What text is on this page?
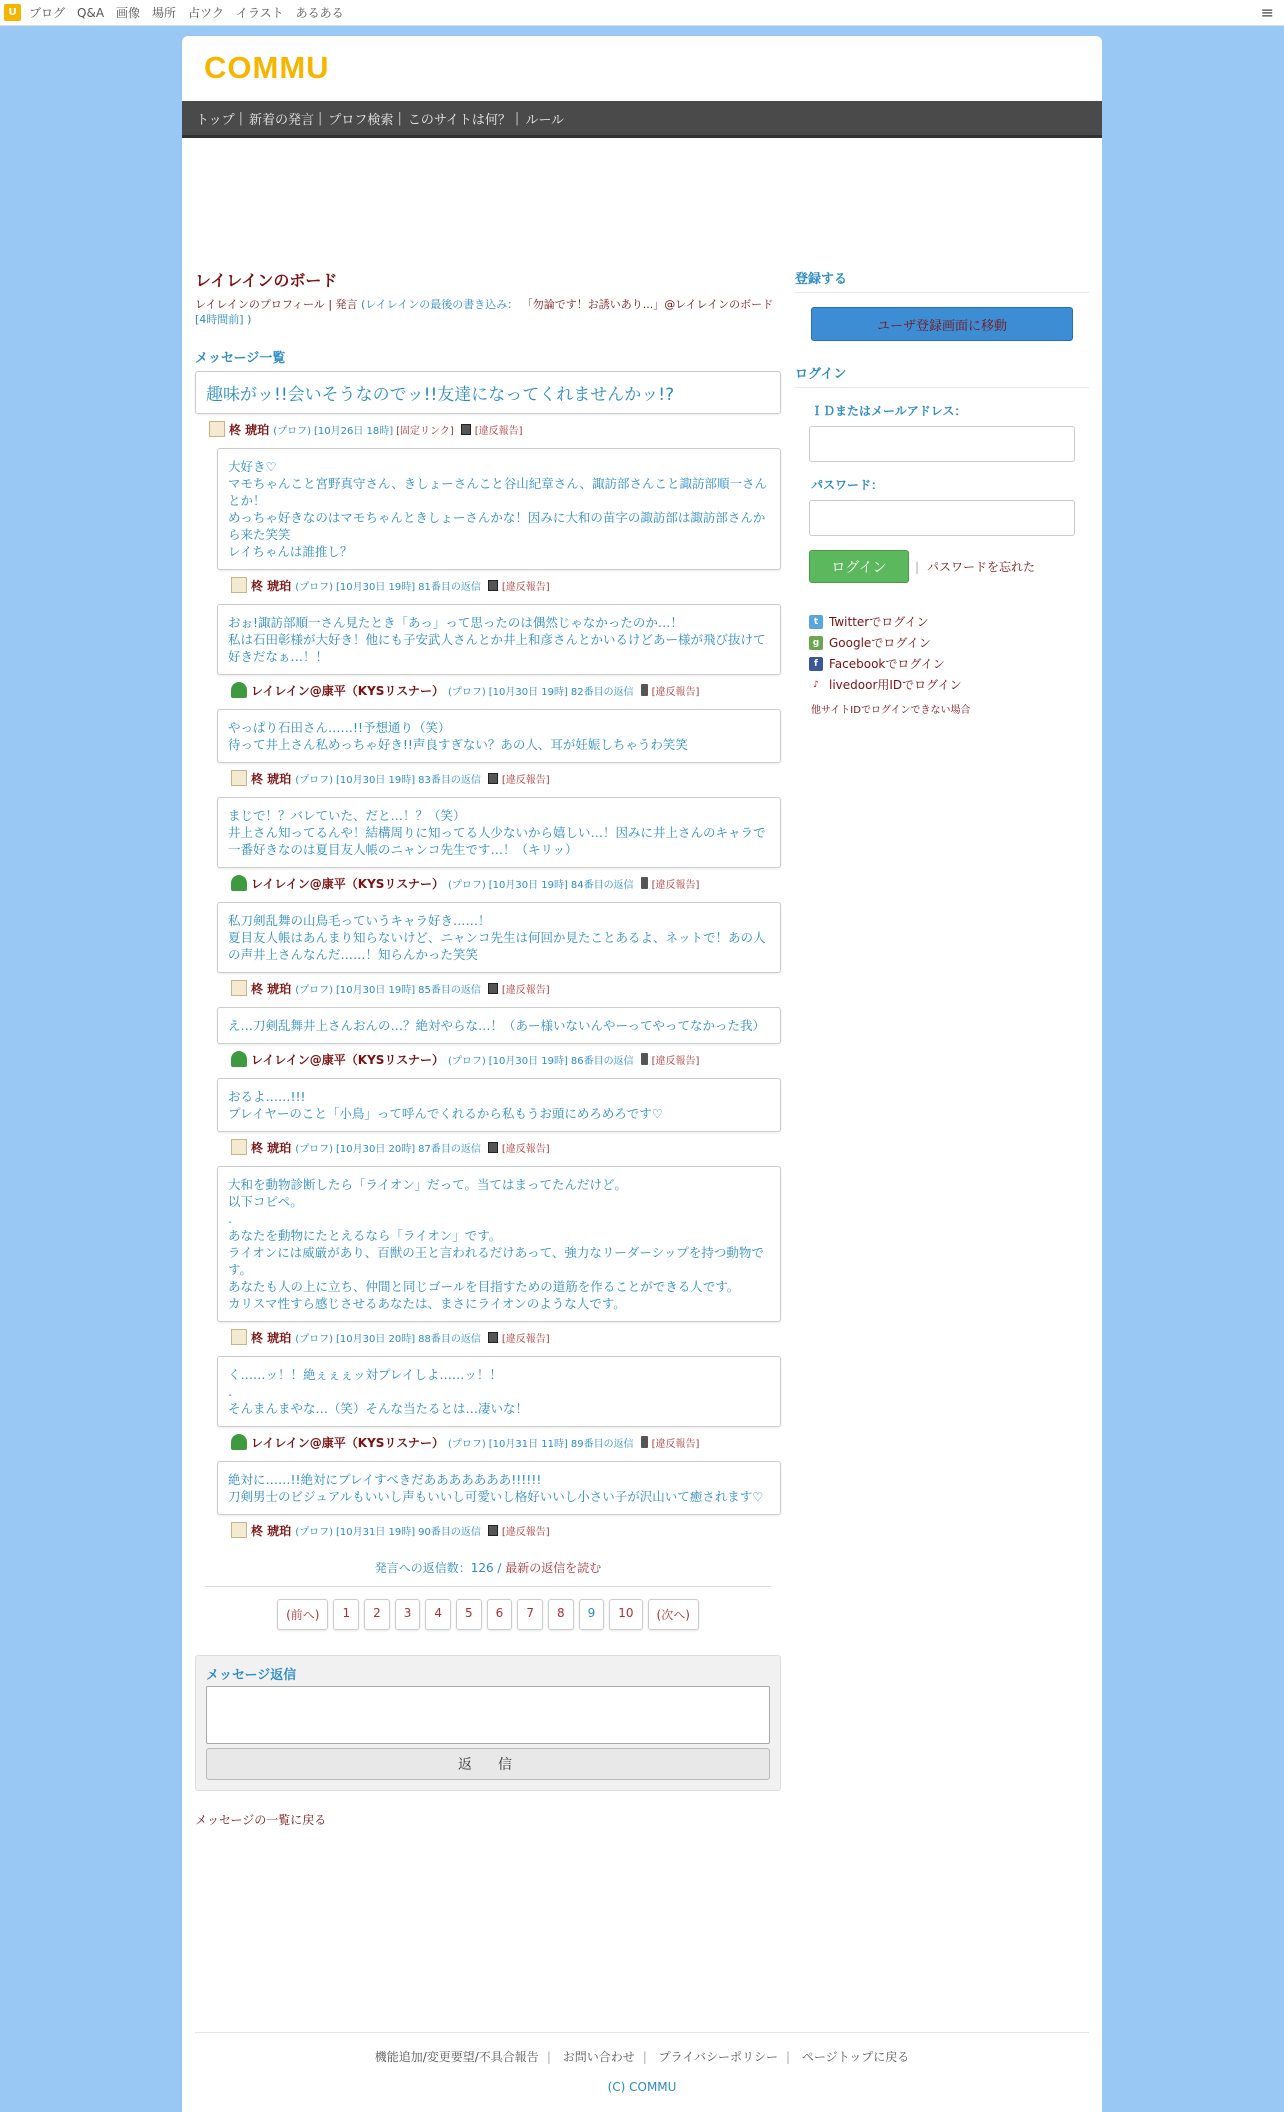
U	ブログ Q&A 画像 場所 占ツク イラスト あるある	≡
COMMU
トップ | 新着の発言 | プロフ検索 | このサイトは何？ | ルール
レイレインのボード
レイレインのプロフィール | 発言 (レイレインの最後の書き込み： 「勿論です！お誘いあり...」@レイレインのボード [4時間前] )
メッセージ一覧
趣味がッ!!会いそうなのでッ!!友達になってくれませんかッ!?
柊 琥珀 (プロフ) [10月26日 18時] [固定リンク] [違反報告]
大好き♡
マモちゃんこと宮野真守さん、きしょーさんこと谷山紀章さん、諏訪部さんこと諏訪部順一さんとか！
めっちゃ好きなのはマモちゃんときしょーさんかな！因みに大和の苗字の諏訪部は諏訪部さんから来た笑笑
レイちゃんは誰推し？
柊 琥珀 (プロフ) [10月30日 19時] 81番目の返信 [違反報告]
おぉ!諏訪部順一さん見たとき「あっ」って思ったのは偶然じゃなかったのか…！
私は石田彰様が大好き！他にも子安武人さんとか井上和彦さんとかいるけどあー様が飛び抜けて好きだなぁ…！！
レイレイン@康平（KYSリスナー） (プロフ) [10月30日 19時] 82番目の返信 [違反報告]
やっぱり石田さん……!!予想通り（笑）
待って井上さん私めっちゃ好き!!声良すぎない？あの人、耳が妊娠しちゃうわ笑笑
柊 琥珀 (プロフ) [10月30日 19時] 83番目の返信 [違反報告]
まじで！？バレていた、だと…！？（笑）
井上さん知ってるんや！結構周りに知ってる人少ないから嬉しい…！因みに井上さんのキャラで一番好きなのは夏目友人帳のニャンコ先生です…！（キリッ）
レイレイン@康平（KYSリスナー） (プロフ) [10月30日 19時] 84番目の返信 [違反報告]
私刀剣乱舞の山鳥毛っていうキャラ好き……！
夏目友人帳はあんまり知らないけど、ニャンコ先生は何回か見たことあるよ、ネットで！あの人の声井上さんなんだ……！知らんかった笑笑
柊 琥珀 (プロフ) [10月30日 19時] 85番目の返信 [違反報告]
え…刀剣乱舞井上さんおんの…？絶対やらな…！（あー様いないんやーってやってなかった我）
レイレイン@康平（KYSリスナー） (プロフ) [10月30日 19時] 86番目の返信 [違反報告]
おるよ……!!!
プレイヤーのこと「小鳥」って呼んでくれるから私もうお頭にめろめろです♡
柊 琥珀 (プロフ) [10月30日 20時] 87番目の返信 [違反報告]
大和を動物診断したら「ライオン」だって。当てはまってたんだけど。
以下コピペ。
.
あなたを動物にたとえるなら「ライオン」です。
ライオンには威厳があり、百獣の王と言われるだけあって、強力なリーダーシップを持つ動物です。
あなたも人の上に立ち、仲間と同じゴールを目指すための道筋を作ることができる人です。
カリスマ性すら感じさせるあなたは、まさにライオンのような人です。
柊 琥珀 (プロフ) [10月30日 20時] 88番目の返信 [違反報告]
く……ッ！！絶ぇぇぇッ対プレイしよ……ッ！！
.
そんまんまやな…（笑）そんな当たるとは…凄いな！
レイレイン@康平（KYSリスナー） (プロフ) [10月31日 11時] 89番目の返信 [違反報告]
絶対に……!!絶対にプレイすべきだあああああああ!!!!!!
刀剣男士のビジュアルもいいし声もいいし可愛いし格好いいし小さい子が沢山いて癒されます♡
柊 琥珀 (プロフ) [10月31日 19時] 90番目の返信 [違反報告]
発言への返信数：126 / 最新の返信を読む
(前へ)	1	2	3	4	5	6	7	8	9	10	(次へ)
メッセージ返信
返　信
メッセージの一覧に戻る
登録する
ユーザ登録画面に移動
ログイン
ＩＤまたはメールアドレス：
パスワード：
ログイン	| パスワードを忘れた
t Twitterでログイン
g Googleでログイン
f Facebookでログイン
♪ livedoor用IDでログイン
他サイトIDでログインできない場合
機能追加/変更要望/不具合報告 | お問い合わせ | プライバシーポリシー | ページトップに戻る
(C) COMMU
